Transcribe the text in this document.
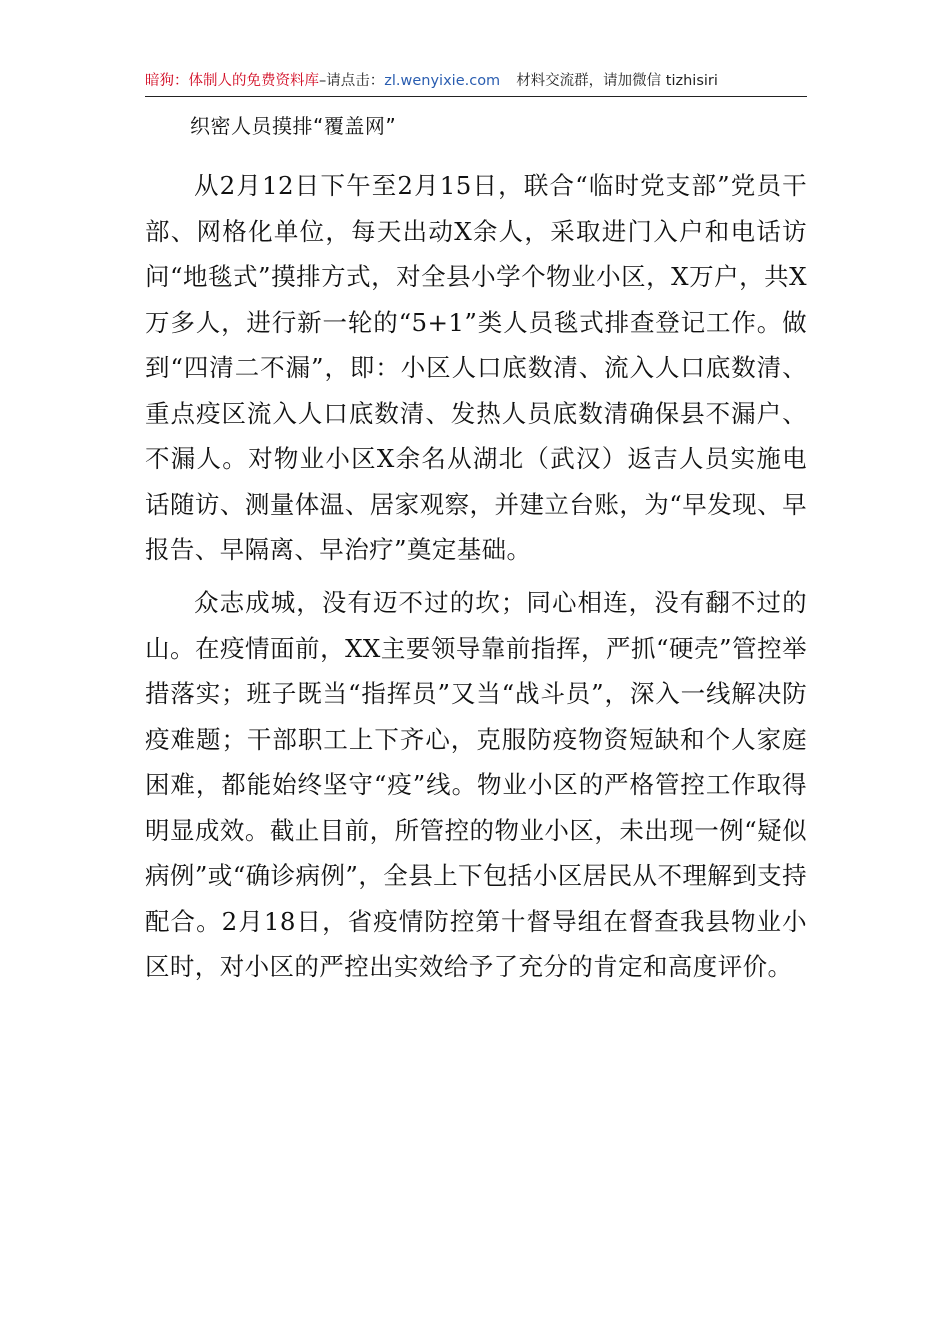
暗狗：体制人的免费资料库 –请点击： zl.wenyixie.com 材料交流群，请加微信 tizhisiri
织密人员摸排“覆盖网”

从2月12日下午至2月15日，联合“临时党支部”党员干部、网格化单位，每天出动X余人，采取进门入户和电话访问“地毯式”摸排方式，对全县小学个物业小区，X万户，共X万多人，进行新一轮的“5+1”类人员毯式排查登记工作。做到“四清二不漏”，即：小区人口底数清、流入人口底数清、重点疫区流入人口底数清、发热人员底数清确保县不漏户、不漏人。对物业小区X余名从湖北（武汉）返吉人员实施电话随访、测量体温、居家观察，并建立台账，为“早发现、早报告、早隔离、早治疗”奠定基础。

众志成城，没有迈不过的坎；同心相连，没有翻不过的山。在疫情面前，XX主要领导靠前指挥，严抓“硬壳”管控举措落实；班子既当“指挥员”又当“战斗员”，深入一线解决防疫难题；干部职工上下齐心，克服防疫物资短缺和个人家庭困难，都能始终坚守“疫”线。物业小区的严格管控工作取得明显成效。截止目前，所管控的物业小区，未出现一例“疑似病例”或“确诊病例”，全县上下包括小区居民从不理解到支持配合。2月18日，省疫情防控第十督导组在督查我县物业小区时，对小区的严控出实效给予了充分的肯定和高度评价。
